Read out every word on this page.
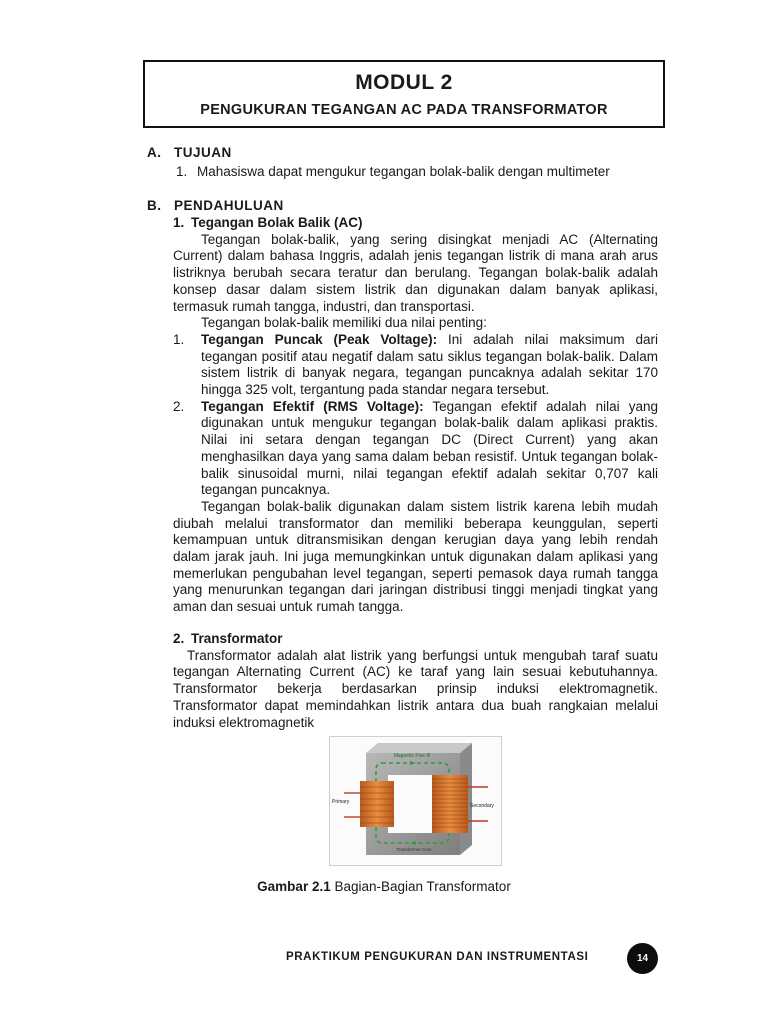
MODUL 2
PENGUKURAN TEGANGAN AC PADA TRANSFORMATOR
A. TUJUAN
1. Mahasiswa dapat mengukur tegangan bolak-balik dengan multimeter
B. PENDAHULUAN
1. Tegangan Bolak Balik (AC)
Tegangan bolak-balik, yang sering disingkat menjadi AC (Alternating Current) dalam bahasa Inggris, adalah jenis tegangan listrik di mana arah arus listriknya berubah secara teratur dan berulang. Tegangan bolak-balik adalah konsep dasar dalam sistem listrik dan digunakan dalam banyak aplikasi, termasuk rumah tangga, industri, dan transportasi.
Tegangan bolak-balik memiliki dua nilai penting:
1. Tegangan Puncak (Peak Voltage): Ini adalah nilai maksimum dari tegangan positif atau negatif dalam satu siklus tegangan bolak-balik. Dalam sistem listrik di banyak negara, tegangan puncaknya adalah sekitar 170 hingga 325 volt, tergantung pada standar negara tersebut.
2. Tegangan Efektif (RMS Voltage): Tegangan efektif adalah nilai yang digunakan untuk mengukur tegangan bolak-balik dalam aplikasi praktis. Nilai ini setara dengan tegangan DC (Direct Current) yang akan menghasilkan daya yang sama dalam beban resistif. Untuk tegangan bolak-balik sinusoidal murni, nilai tegangan efektif adalah sekitar 0,707 kali tegangan puncaknya.
Tegangan bolak-balik digunakan dalam sistem listrik karena lebih mudah diubah melalui transformator dan memiliki beberapa keunggulan, seperti kemampuan untuk ditransmisikan dengan kerugian daya yang lebih rendah dalam jarak jauh. Ini juga memungkinkan untuk digunakan dalam aplikasi yang memerlukan pengubahan level tegangan, seperti pemasok daya rumah tangga yang menurunkan tegangan dari jaringan distribusi tinggi menjadi tingkat yang aman dan sesuai untuk rumah tangga.
2. Transformator
Transformator adalah alat listrik yang berfungsi untuk mengubah taraf suatu tegangan Alternating Current (AC) ke taraf yang lain sesuai kebutuhannya. Transformator bekerja berdasarkan prinsip induksi elektromagnetik. Transformator dapat memindahkan listrik antara dua buah rangkaian melalui induksi elektromagnetik
Magnetic Flux Φ
Primary
Secondary
Transformer Core
Gambar 2.1 Bagian-Bagian Transformator
PRAKTIKUM PENGUKURAN DAN INSTRUMENTASI	14
